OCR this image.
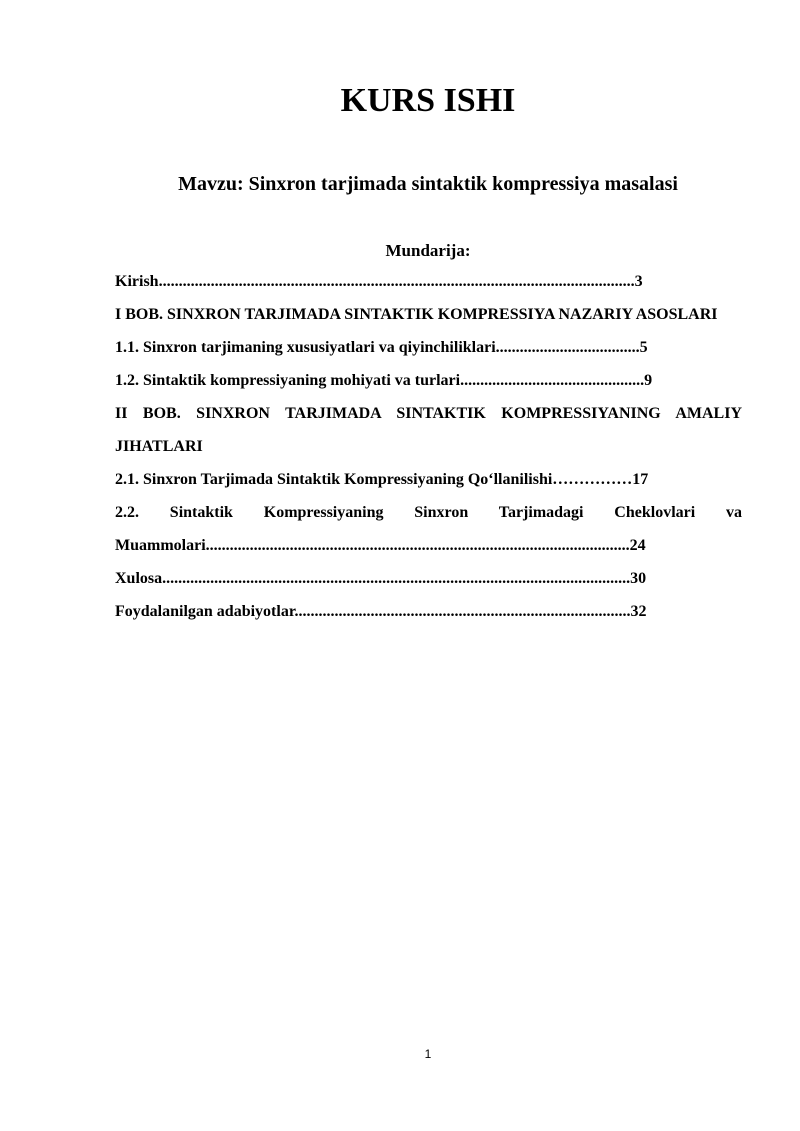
KURS ISHI
Mavzu: Sinxron tarjimada sintaktik kompressiya masalasi
Mundarija:
Kirish.......................................................................................................................3
I BOB. SINXRON TARJIMADA SINTAKTIK KOMPRESSIYA NAZARIY ASOSLARI
1.1. Sinxron tarjimaning xususiyatlari va qiyinchiliklari....................................5
1.2. Sintaktik kompressiyaning mohiyati va turlari..............................................9
II BOB. SINXRON TARJIMADA SINTAKTIK KOMPRESSIYANING AMALIY JIHATLARI
2.1. Sinxron Tarjimada Sintaktik Kompressiyaning Qo‘llanilishi……………17
2.2. Sintaktik Kompressiyaning Sinxron Tarjimadagi Cheklovlari va
Muammolari..........................................................................................................24
Xulosa.....................................................................................................................30
Foydalanilgan adabiyotlar....................................................................................32
1
